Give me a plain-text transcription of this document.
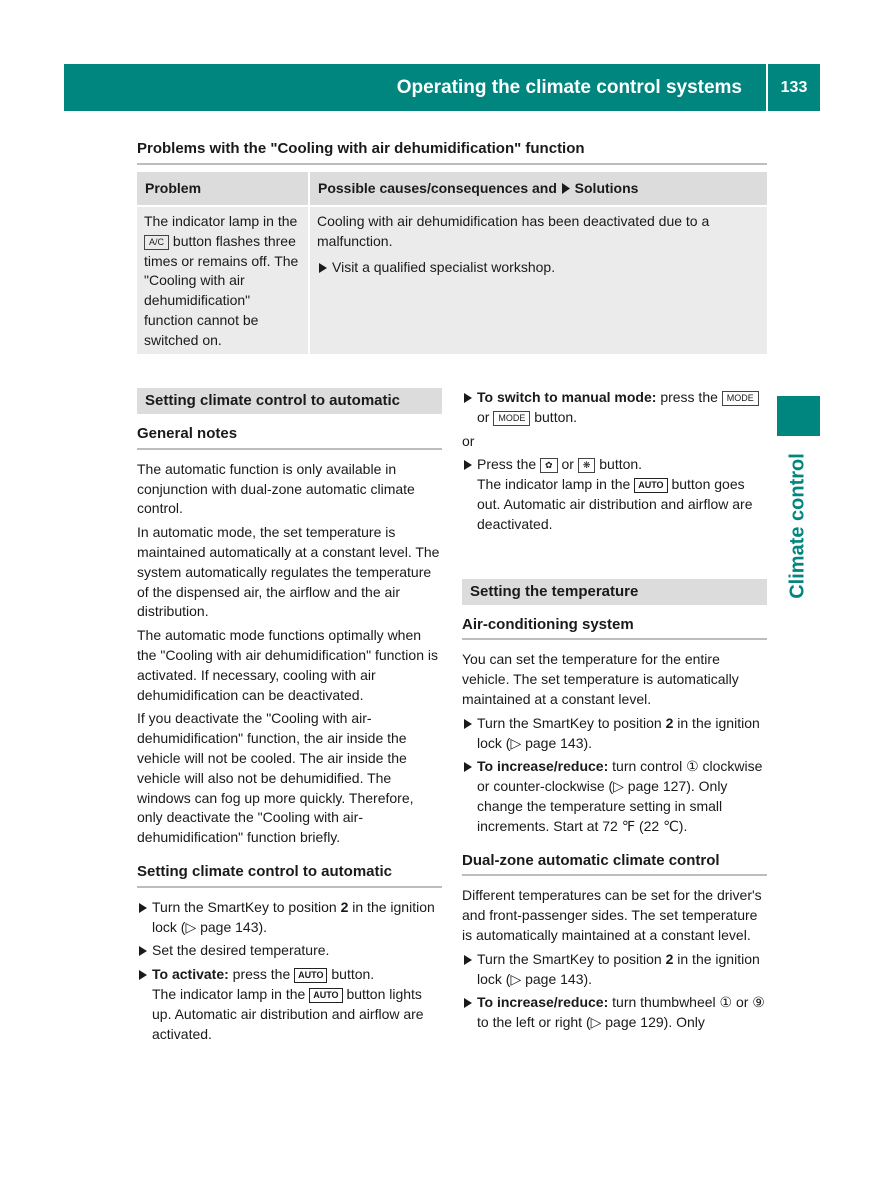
Operating the climate control systems	133
Climate control
Problems with the "Cooling with air dehumidification" function
Problem	Possible causes/consequences and Solutions
The indicator lamp in the A/C button flashes three times or remains off. The "Cooling with air dehumidification" function cannot be switched on.

Cooling with air dehumidification has been deactivated due to a malfunction.

Visit a qualified specialist workshop.
Setting climate control to automatic
General notes

The automatic function is only available in conjunction with dual-zone automatic climate control.

In automatic mode, the set temperature is maintained automatically at a constant level. The system automatically regulates the temperature of the dispensed air, the airflow and the air distribution.

The automatic mode functions optimally when the "Cooling with air dehumidification" function is activated. If necessary, cooling with air dehumidification can be deactivated.

If you deactivate the "Cooling with air-dehumidification" function, the air inside the vehicle will not be cooled. The air inside the vehicle will also not be dehumidified. The windows can fog up more quickly. Therefore, only deactivate the "Cooling with air-dehumidification" function briefly.

Setting climate control to automatic
Turn the SmartKey to position 2 in the ignition lock (▷ page 143).
Set the desired temperature.
To activate: press the AUTO button.
The indicator lamp in the AUTO button lights up. Automatic air distribution and airflow are activated.
To switch to manual mode: press the MODE or MODE button.

or

Press the ✿ or ❋ button.
The indicator lamp in the AUTO button goes out. Automatic air distribution and airflow are deactivated.
Setting the temperature
Air-conditioning system

You can set the temperature for the entire vehicle. The set temperature is automatically maintained at a constant level.

Turn the SmartKey to position 2 in the ignition lock (▷ page 143).
To increase/reduce: turn control ① clockwise or counter-clockwise (▷ page 127). Only change the temperature setting in small increments. Start at 72 ℉ (22 ℃).
Dual-zone automatic climate control

Different temperatures can be set for the driver's and front-passenger sides. The set temperature is automatically maintained at a constant level.

Turn the SmartKey to position 2 in the ignition lock (▷ page 143).
To increase/reduce: turn thumbwheel ① or ⑨ to the left or right (▷ page 129). Only
